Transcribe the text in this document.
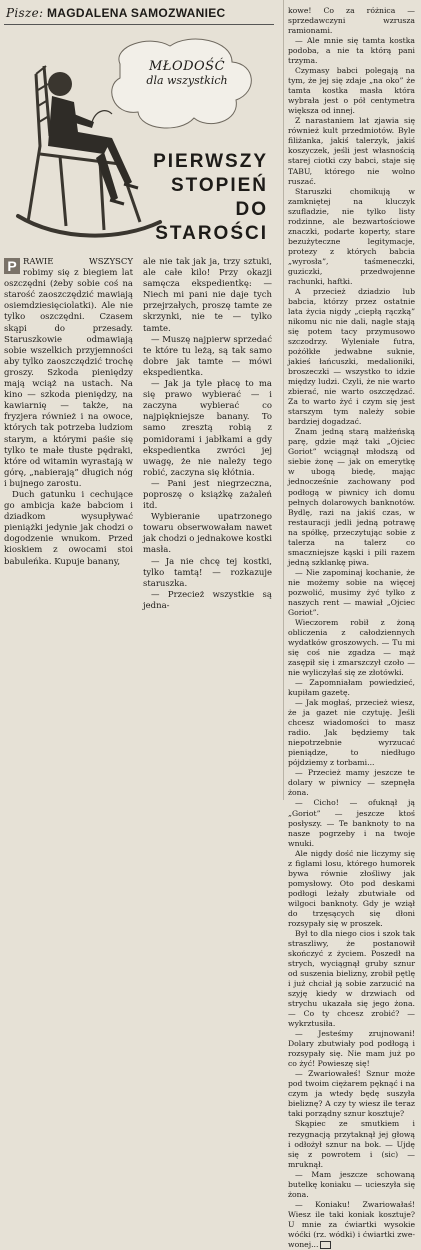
Pisze: MAGDALENA SAMOZWANIEC
MŁODOŚĆ
dla wszystkich
PIERWSZY
STOPIEŃ
DO STAROŚCI

P RAWIE WSZYSCY robimy się z biegiem lat oszczędni (żeby sobie coś na starość zaoszczędzić mawiają osiemdziesięciolatki). Ale nie tylko oszczędni. Czasem skąpi do przesady. Staruszkowie odmawiają sobie wszelkich przyjemności aby tylko zaoszczędzić trochę groszy. Szkoda pieniędzy mają wciąż na ustach. Na kino — szkoda pieniędzy, na kawiarnię — także, na fryzjera również i na owoce, których tak potrzeba ludziom starym, a którymi paśie się tylko te małe tłuste pędraki, które od witamin wyrastają w górę, „nabierają” długich nóg i bujnego zarostu.

Duch gatunku i cechujące go ambicja każe babciom i dziadkom wysupływać pieniążki jedynie jak chodzi o dogodzenie wnukom. Przed kioskiem z owocami stoi babuleńka. Kupuje banany,

ale nie tak jak ja, trzy sztuki, ale całe kilo! Przy okazji samęcza ekspedientkę: — Niech mi pani nie daje tych przejrzałych, proszę tamte ze skrzynki, nie te — tylko tamte.

— Muszę najpierw sprzedać te które tu leżą, są tak samo dobre jak tamte — mówi ekspedientka.

— Jak ja tyle płacę to ma się prawo wybierać — i zaczyna wybierać co najpiękniejsze banany. To samo zresztą robią z pomidorami i jabłkami a gdy ekspedientka zwróci jej uwagę, że nie należy tego robić, zaczyna się kłótnia.

— Pani jest niegrzeczna, poproszę o książkę zażaleń itd.

Wybieranie upatrzonego towaru obserwowałam nawet jak chodzi o jednakowe kostki masła.

— Ja nie chcę tej kostki, tylko tamtą! — rozkazuje staruszka.

— Przecież wszystkie są jedna-

kowe! Co za różnica — sprzedawczyni wzrusza ramionami.

— Ale mnie się tamta kostka podoba, a nie ta którą pani trzyma.

Czymasy babci polegają na tym, że jej się zdaje „na oko” że tamta kostka masła która wybrała jest o pół centymetra większa od innej.

Z narastaniem lat zjawia się również kult przedmiotów. Byle filiżanka, jakiś talerzyk, jakiś koszyczek, jeśli jest własnością starej ciotki czy babci, staje się TABU, którego nie wolno ruszać.

Staruszki chomikują w zamkniętej na kluczyk szufladzie, nie tylko listy rodzinne, ale bezwartościowe znaczki, podarte koperty, stare bezużyteczne legitymacje, protezy z których babcia „wyrosła”, taśmeneczki, guziczki, przedwojenne rachunki, haftki.

A przecież dziadzio lub babcia, którzy przez ostatnie lata życia nigdy „ciepłą rączką” nikomu nic nie dali, nagle stają się potem tacy przymusowo szczodrzy. Wyleniałe futra, pożółkłe jedwabne suknie, jakieś łańcuszki, medalioniki, broszeczki — wszystko to idzie między ludzi. Czyli, że nie warto zbierać, nie warto oszczędzać. Za to warto żyć i czym się jest starszym tym należy sobie bardziej dogadzać.

Znam jedną starą małżeńską parę, gdzie mąż taki „Ojciec Goriot” wciągnął młodszą od siebie żonę — jak on emerytkę w ubogą biedę, mając jednocześnie zachowany pod podłogą w piwnicy ich domu pełnych dolarowych banknotów. Bydlę, razi na jakiś czas, w restauracji jedli jedną potrawę na spółkę, przeczytując sobie z talerza na talerz co smaczniejsze kąski i pili razem jedną szklankę piwa.

— Nie zapominaj kochanie, że nie możemy sobie na więcej pozwolić, musimy żyć tylko z naszych rent — mawiał „Ojciec Goriot”.

Wieczorem robił z żoną obliczenia z całodziennych wydatków groszowych. — Tu mi się coś nie zgadza — mąż zasępił się i zmarszczył czoło — nie wyliczyłaś się ze złotówki.

— Zapomniałam powiedzieć, kupiłam gazetę.

— Jak mogłaś, przecież wiesz, że ja gazet nie czytuję. Jeśli chcesz wiadomości to masz radio. Jak będziemy tak niepotrzebnie wyrzucać pieniądze, to niedługo pójdziemy z torbami...

— Przecież mamy jeszcze te dolary w piwnicy — szepnęła żona.

— Cicho! — ofuknął ją „Goriot” — jeszcze ktoś posłyszy. — Te banknoty to na nasze pogrzeby i na twoje wnuki.

Ale nigdy dość nie liczymy się z figlami losu, którego humorek bywa równie złośliwy jak pomysłowy. Oto pod deskami podłogi leżały zbutwiałe od wilgoci banknoty. Gdy je wziął do trzęsących się dłoni rozsypały się w proszek.

Był to dla niego cios i szok tak straszliwy, że postanowił skończyć z życiem. Poszedł na strych, wyciągnął gruby sznur od suszenia bielizny, zrobił pętlę i już chciał ją sobie zarzucić na szyję kiedy w drzwiach od strychu ukazała się jego żona. — Co ty chcesz zrobić? — wykrztusiła.

— Jesteśmy zrujnowani! Dolary zbutwiały pod podłogą i rozsypały się. Nie mam już po co żyć! Powieszę się!

— Zwariowałeś! Sznur może pod twoim ciężarem pęknąć i na czym ja wtedy będę suszyła bieliznę? A czy ty wiesz ile teraz taki porządny sznur kosztuje?

Skąpiec ze smutkiem i rezygnacją przytaknął jej głową i odłożył sznur na bok. — Ujdę się z powrotem i (sic) — mruknął.

— Mam jeszcze schowaną butelkę koniaku — ucieszyła się żona.

— Koniaku! Zwariowałaś! Wiesz ile taki koniak kosztuje? U mnie za ćwiartki wysokie wóćki (rz. wódki) i ćwiartki zwe-wonej...
